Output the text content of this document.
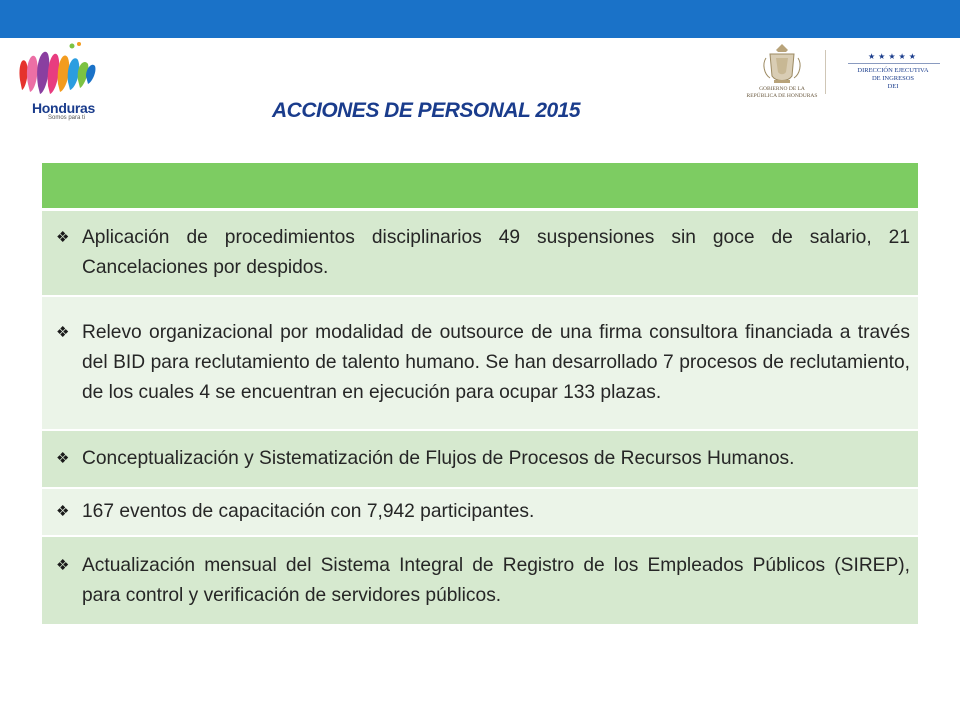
Honduras
Somos para ti	ACCIONES DE PERSONAL 2015
GOBIERNO DE LA
REPÚBLICA DE HONDURAS
★★★★★
DIRECCIÓN EJECUTIVA
DE INGRESOS
DEI
❖ Aplicación de procedimientos disciplinarios 49 suspensiones sin goce de salario, 21 Cancelaciones por despidos.
❖ Relevo organizacional por modalidad de outsource de una firma consultora financiada a través del BID para reclutamiento de talento humano. Se han desarrollado 7 procesos de reclutamiento, de los cuales 4 se encuentran en ejecución para ocupar 133 plazas.
❖ Conceptualización y Sistematización de Flujos de Procesos de Recursos Humanos.
❖ 167 eventos de capacitación con 7,942 participantes.
❖ Actualización mensual del Sistema Integral de Registro de los Empleados Públicos (SIREP), para control y verificación de servidores públicos.
